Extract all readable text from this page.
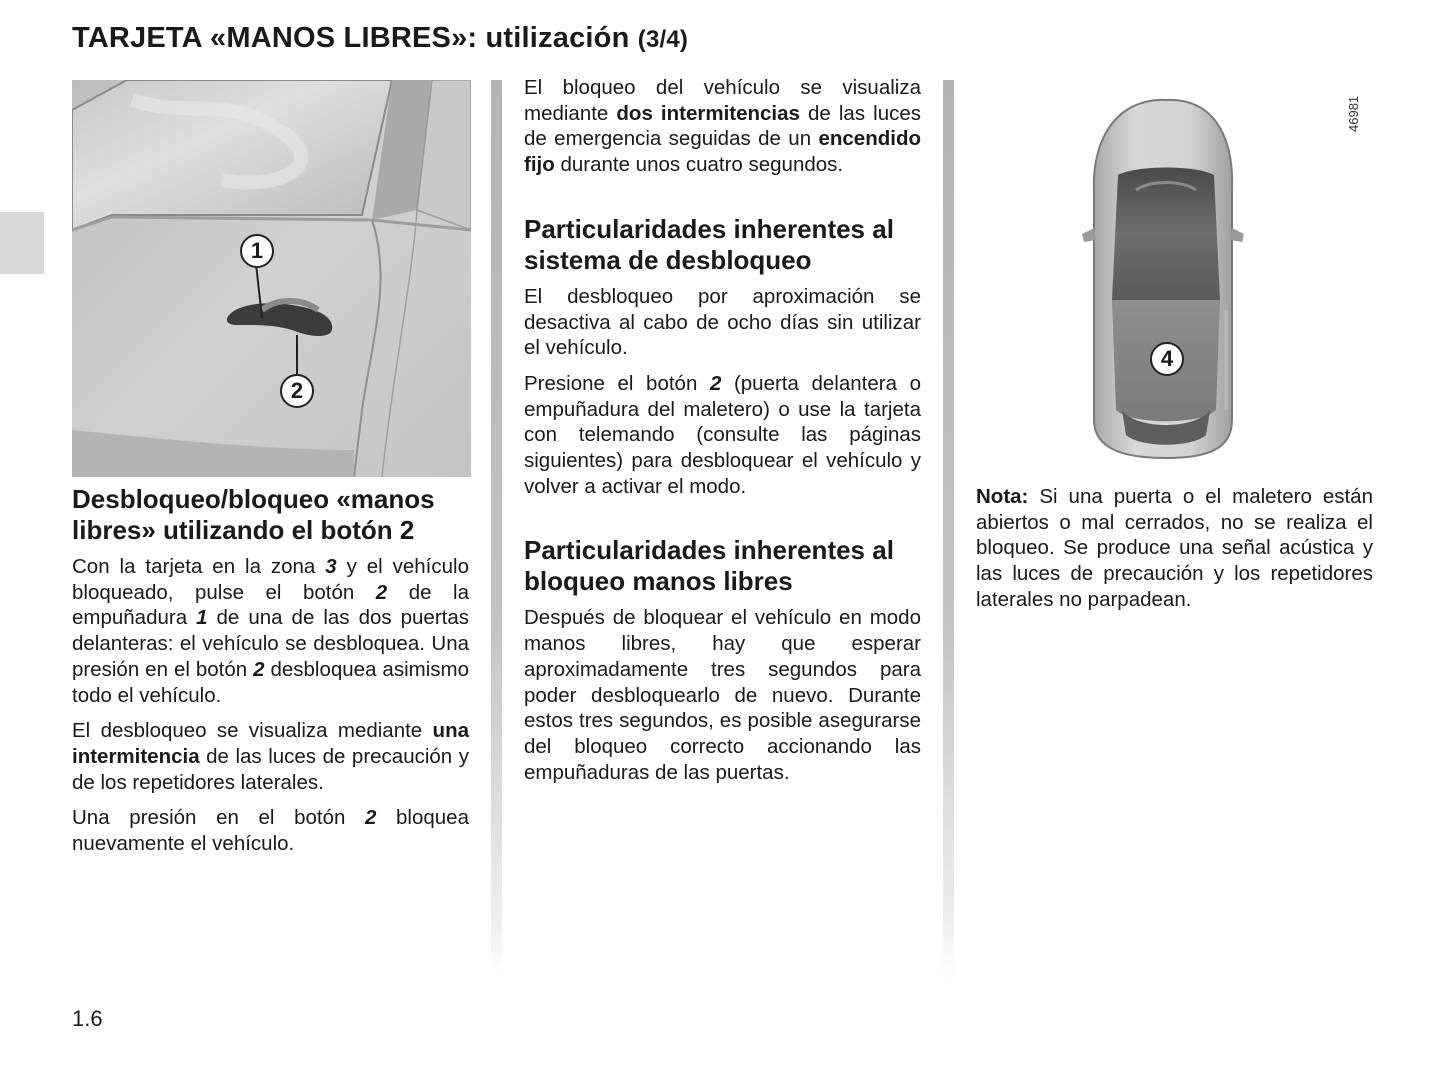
TARJETA «MANOS LIBRES»: utilización (3/4)
1
2
4
46981
Desbloqueo/bloqueo «manos libres» utilizando el botón 2

Con la tarjeta en la zona 3 y el vehículo bloqueado, pulse el botón 2 de la empuñadura 1 de una de las dos puertas delanteras: el vehículo se desbloquea. Una presión en el botón 2 desbloquea asimismo todo el vehículo.

El desbloqueo se visualiza mediante una intermitencia de las luces de precaución y de los repetidores laterales.

Una presión en el botón 2 bloquea nuevamente el vehículo.

El bloqueo del vehículo se visualiza mediante dos intermitencias de las luces de emergencia seguidas de un encendido fijo durante unos cuatro segundos.

Particularidades inherentes al sistema de desbloqueo

El desbloqueo por aproximación se desactiva al cabo de ocho días sin utilizar el vehículo.

Presione el botón 2 (puerta delantera o empuñadura del maletero) o use la tarjeta con telemando (consulte las páginas siguientes) para desbloquear el vehículo y volver a activar el modo.

Particularidades inherentes al bloqueo manos libres

Después de bloquear el vehículo en modo manos libres, hay que esperar aproximadamente tres segundos para poder desbloquearlo de nuevo. Durante estos tres segundos, es posible asegurarse del bloqueo correcto accionando las empuñaduras de las puertas.

Nota: Si una puerta o el maletero están abiertos o mal cerrados, no se realiza el bloqueo. Se produce una señal acústica y las luces de precaución y los repetidores laterales no parpadean.

1.6
